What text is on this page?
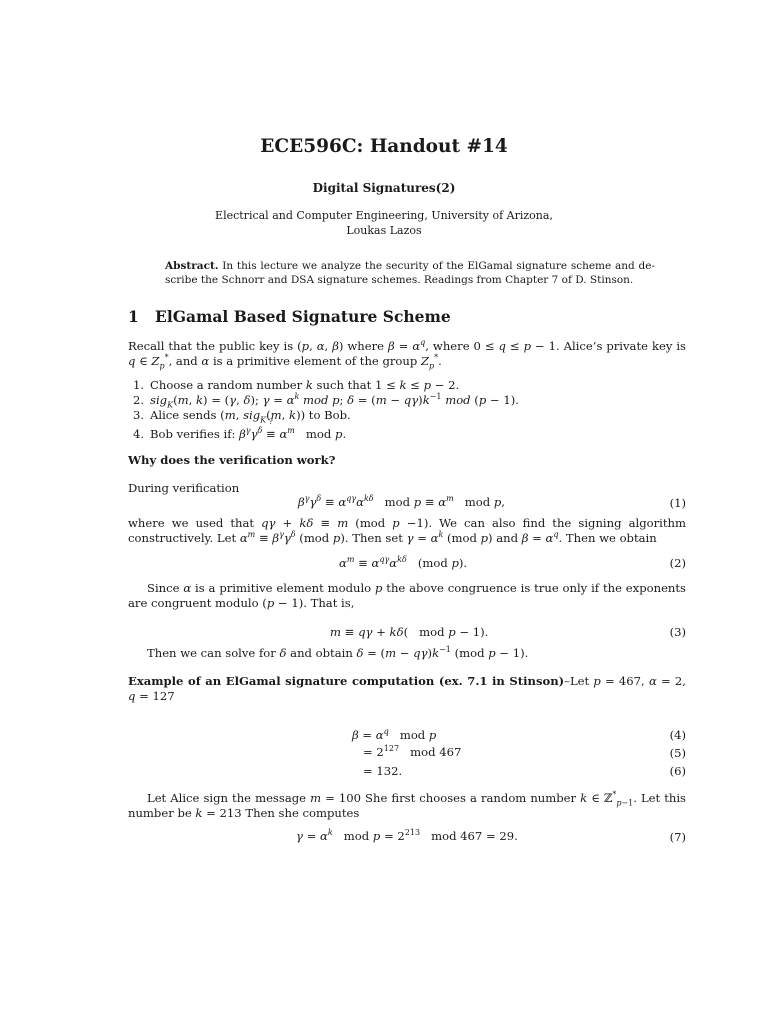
ECE596C: Handout #14
Digital Signatures(2)
Electrical and Computer Engineering, University of Arizona,
Loukas Lazos
Abstract. In this lecture we analyze the security of the ElGamal signature scheme and de- scribe the Schnorr and DSA signature schemes. Readings from Chapter 7 of D. Stinson.
1 ElGamal Based Signature Scheme
Recall that the public key is (p, α, β) where $\beta = \alpha^q$, where 0 ≤ q ≤ p − 1. Alice’s private key is q ∈ $Z_p^*$, and α is a primitive element of the group $Z_p^*$.
1. Choose a random number k such that 1 ≤ k ≤ p − 2.
2. sig$_K$(m, k) = (γ, δ); $\gamma = \alpha^k$ mod p; $\delta = (m - q\gamma)k^{-1}$ mod (p − 1).
3. Alice sends (m, sig$_K$(m, k)) to Bob.
4. Bob verifies if: $\beta^\gamma\gamma^\delta$ ≡
?
$\alpha^m$   mod p.
Why does the verification work?
During verification
$\beta^\gamma\gamma^\delta \equiv \alpha^{q\gamma}\alpha^{k\delta}$   mod $p \equiv \alpha^m$   mod p,	(1)
where we used that qγ + kδ ≡ m (mod p −1). We can also find the signing algorithm constructively. Let $\alpha^m \equiv \beta^\gamma\gamma^\delta$ (mod p). Then set $\gamma = \alpha^k$ (mod p) and $\beta = \alpha^q$. Then we obtain
$\alpha^m \equiv \alpha^{q\gamma}\alpha^{k\delta}$   (mod p).	(2)
Since α is a primitive element modulo p the above congruence is true only if the exponents are congruent modulo (p − 1). That is,
m ≡ qγ + kδ(   mod p − 1).	(3)
Then we can solve for δ and obtain $\delta = (m - q\gamma)k^{-1}$ (mod p − 1).
Example of an ElGamal signature computation (ex. 7.1 in Stinson)–Let p = 467, α = 2, q = 127
$\beta = \alpha^q$   mod p	(4)
= $2^{127}$   mod 467	(5)
= 132.	(6)
Let Alice sign the message m = 100 She first chooses a random number k ∈ ℤ*$_{p-1}$. Let this number be k = 213 Then she computes
$\gamma = \alpha^k$   mod $p = 2^{213}$   mod 467 = 29.	(7)
